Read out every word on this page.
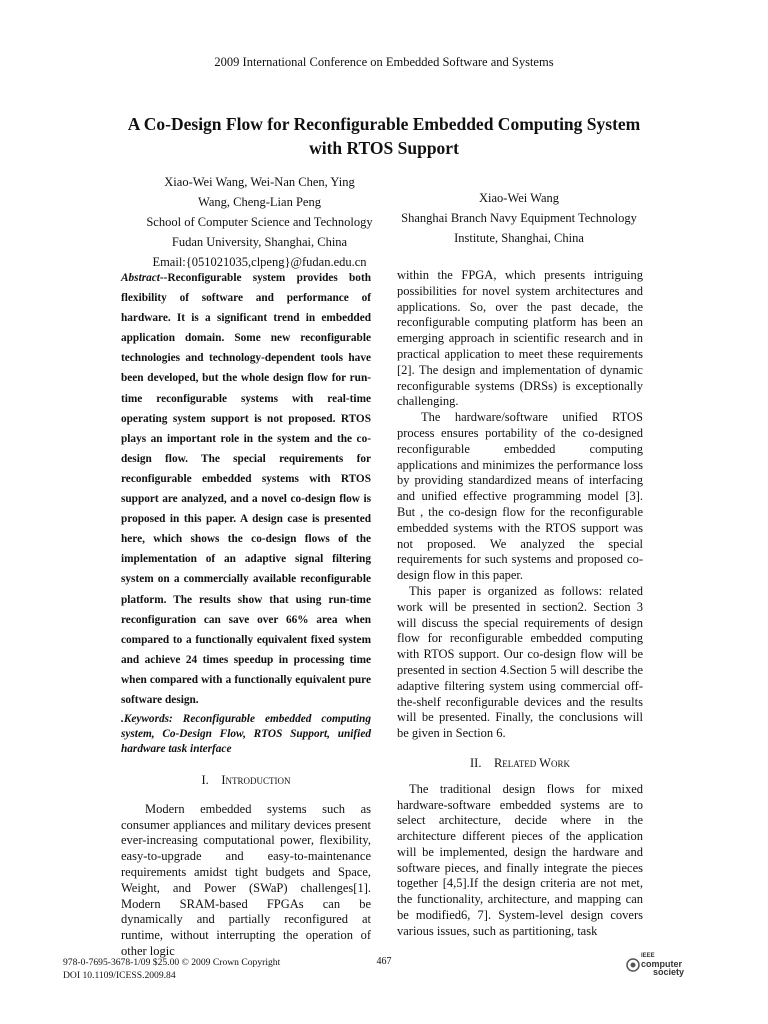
2009 International Conference on Embedded Software and Systems
A Co-Design Flow for Reconfigurable Embedded Computing System
with RTOS Support
Xiao-Wei Wang, Wei-Nan Chen, Ying
Wang, Cheng-Lian Peng
School of Computer Science and Technology
Fudan University, Shanghai, China
Email:{051021035,clpeng}@fudan.edu.cn
Xiao-Wei Wang
Shanghai Branch Navy Equipment Technology
Institute, Shanghai, China

Abstract--Reconfigurable system provides both flexibility of software and performance of hardware. It is a significant trend in embedded application domain. Some new reconfigurable technologies and technology-dependent tools have been developed, but the whole design flow for run-time reconfigurable systems with real-time operating system support is not proposed. RTOS plays an important role in the system and the co-design flow. The special requirements for reconfigurable embedded systems with RTOS support are analyzed, and a novel co-design flow is proposed in this paper. A design case is presented here, which shows the co-design flows of the implementation of an adaptive signal filtering system on a commercially available reconfigurable platform. The results show that using run-time reconfiguration can save over 66% area when compared to a functionally equivalent fixed system and achieve 24 times speedup in processing time when compared with a functionally equivalent pure software design.

.Keywords: Reconfigurable embedded computing system, Co-Design Flow, RTOS Support, unified hardware task interface

I. Introduction

Modern embedded systems such as consumer appliances and military devices present ever-increasing computational power, flexibility, easy-to-upgrade and easy-to-maintenance requirements amidst tight budgets and Space, Weight, and Power (SWaP) challenges[1]. Modern SRAM-based FPGAs can be dynamically and partially reconfigured at runtime, without interrupting the operation of other logic

within the FPGA, which presents intriguing possibilities for novel system architectures and applications. So, over the past decade, the reconfigurable computing platform has been an emerging approach in scientific research and in practical application to meet these requirements [2]. The design and implementation of dynamic reconfigurable systems (DRSs) is exceptionally challenging.

The hardware/software unified RTOS process ensures portability of the co-designed reconfigurable embedded computing applications and minimizes the performance loss by providing standardized means of interfacing and unified effective programming model [3]. But , the co-design flow for the reconfigurable embedded systems with the RTOS support was not proposed. We analyzed the special requirements for such systems and proposed co-design flow in this paper.

This paper is organized as follows: related work will be presented in section2. Section 3 will discuss the special requirements of design flow for reconfigurable embedded computing with RTOS support. Our co-design flow will be presented in section 4.Section 5 will describe the adaptive filtering system using commercial off-the-shelf reconfigurable devices and the results will be presented. Finally, the conclusions will be given in Section 6.

II. Related Work

The traditional design flows for mixed hardware-software embedded systems are to select architecture, decide where in the architecture different pieces of the application will be implemented, design the hardware and software pieces, and finally integrate the pieces together [4,5].If the design criteria are not met, the functionality, architecture, and mapping can be modified6, 7]. System-level design covers various issues, such as partitioning, task

978-0-7695-3678-1/09 $25.00 © 2009 Crown Copyright
DOI 10.1109/ICESS.2009.84
467	IEEE
computer
society
